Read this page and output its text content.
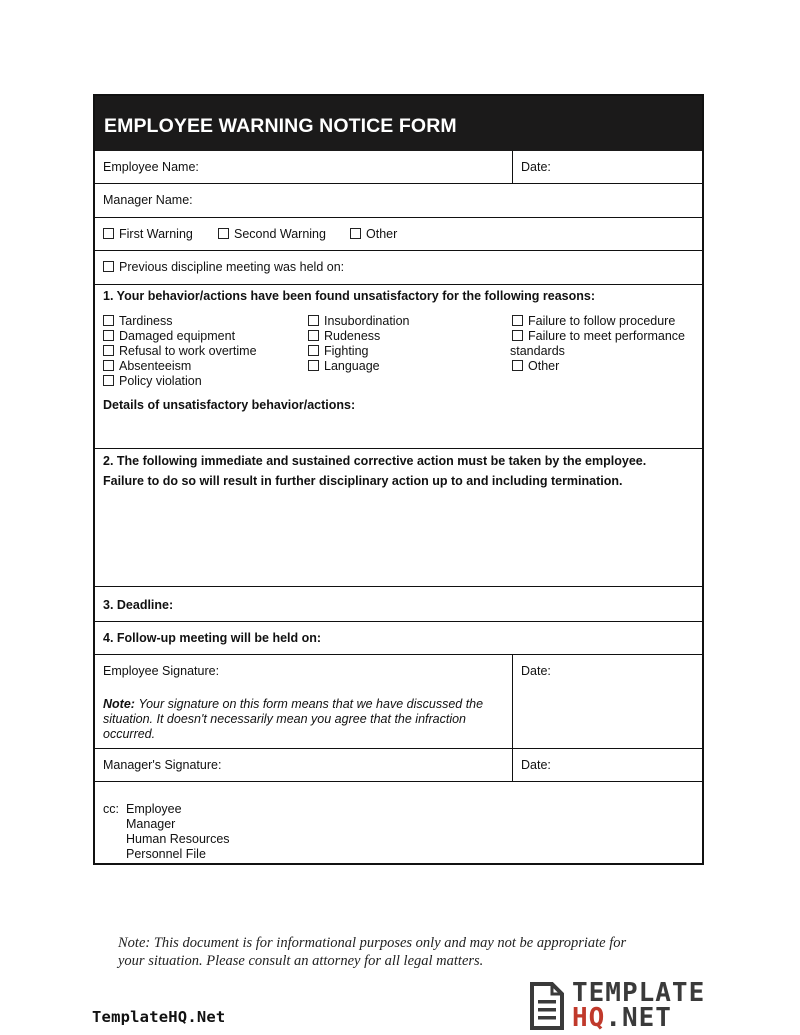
EMPLOYEE WARNING NOTICE FORM
Employee Name:	Date:
Manager Name:
First Warning	Second Warning	Other
Previous discipline meeting was held on:
1. Your behavior/actions have been found unsatisfactory for the following reasons:
Tardiness
Damaged equipment
Refusal to work overtime
Absenteeism
Policy violation
Insubordination
Rudeness
Fighting
Language
Failure to follow procedure
Failure to meet performance
standards
Other
Details of unsatisfactory behavior/actions:
2. The following immediate and sustained corrective action must be taken by the employee.
Failure to do so will result in further disciplinary action up to and including termination.
3. Deadline:
4. Follow-up meeting will be held on:
Employee Signature:	Date:
Note: Your signature on this form means that we have discussed the
situation. It doesn't necessarily mean you agree that the infraction
occurred.
Manager's Signature:	Date:
cc: Employee
Manager
Human Resources
Personnel File
Note: This document is for informational purposes only and may not be appropriate for
your situation. Please consult an attorney for all legal matters.
TemplateHQ.Net
TEMPLATE
HQ.NET
